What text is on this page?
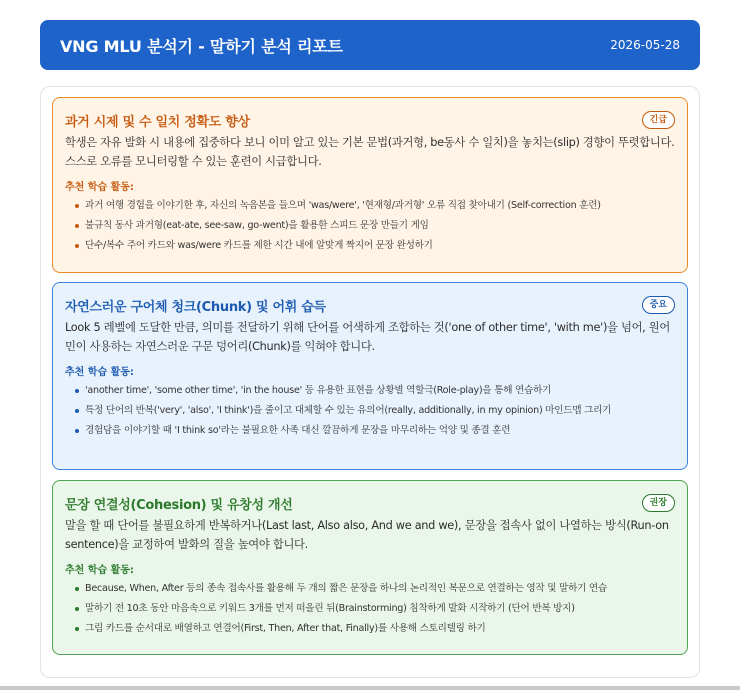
VNG MLU 분석기 - 말하기 분석 리포트	2026-05-28
과거 시제 및 수 일치 정확도 향상	긴급
학생은 자유 발화 시 내용에 집중하다 보니 이미 알고 있는 기본 문법(과거형, be동사 수 일치)을 놓치는(slip) 경향이 뚜렷합니다. 스스로 오류를 모니터링할 수 있는 훈련이 시급합니다.
추천 학습 활동:
과거 여행 경험을 이야기한 후, 자신의 녹음본을 들으며 'was/were', '현재형/과거형' 오류 직접 찾아내기 (Self-correction 훈련)
불규칙 동사 과거형(eat-ate, see-saw, go-went)을 활용한 스피드 문장 만들기 게임
단수/복수 주어 카드와 was/were 카드를 제한 시간 내에 알맞게 짝지어 문장 완성하기
자연스러운 구어체 청크(Chunk) 및 어휘 습득	중요
Look 5 레벨에 도달한 만큼, 의미를 전달하기 위해 단어를 어색하게 조합하는 것('one of other time', 'with me')을 넘어, 원어민이 사용하는 자연스러운 구문 덩어리(Chunk)를 익혀야 합니다.
추천 학습 활동:
'another time', 'some other time', 'in the house' 등 유용한 표현을 상황별 역할극(Role-play)을 통해 연습하기
특정 단어의 반복('very', 'also', 'I think')을 줄이고 대체할 수 있는 유의어(really, additionally, in my opinion) 마인드맵 그리기
경험담을 이야기할 때 'I think so'라는 불필요한 사족 대신 깔끔하게 문장을 마무리하는 억양 및 종결 훈련
문장 연결성(Cohesion) 및 유창성 개선	권장
말을 할 때 단어를 불필요하게 반복하거나(Last last, Also also, And we and we), 문장을 접속사 없이 나열하는 방식(Run-on sentence)을 교정하여 발화의 질을 높여야 합니다.
추천 학습 활동:
Because, When, After 등의 종속 접속사를 활용해 두 개의 짧은 문장을 하나의 논리적인 복문으로 연결하는 영작 및 말하기 연습
말하기 전 10초 동안 마음속으로 키워드 3개를 먼저 떠올린 뒤(Brainstorming) 침착하게 발화 시작하기 (단어 반복 방지)
그림 카드를 순서대로 배열하고 연결어(First, Then, After that, Finally)를 사용해 스토리텔링 하기
